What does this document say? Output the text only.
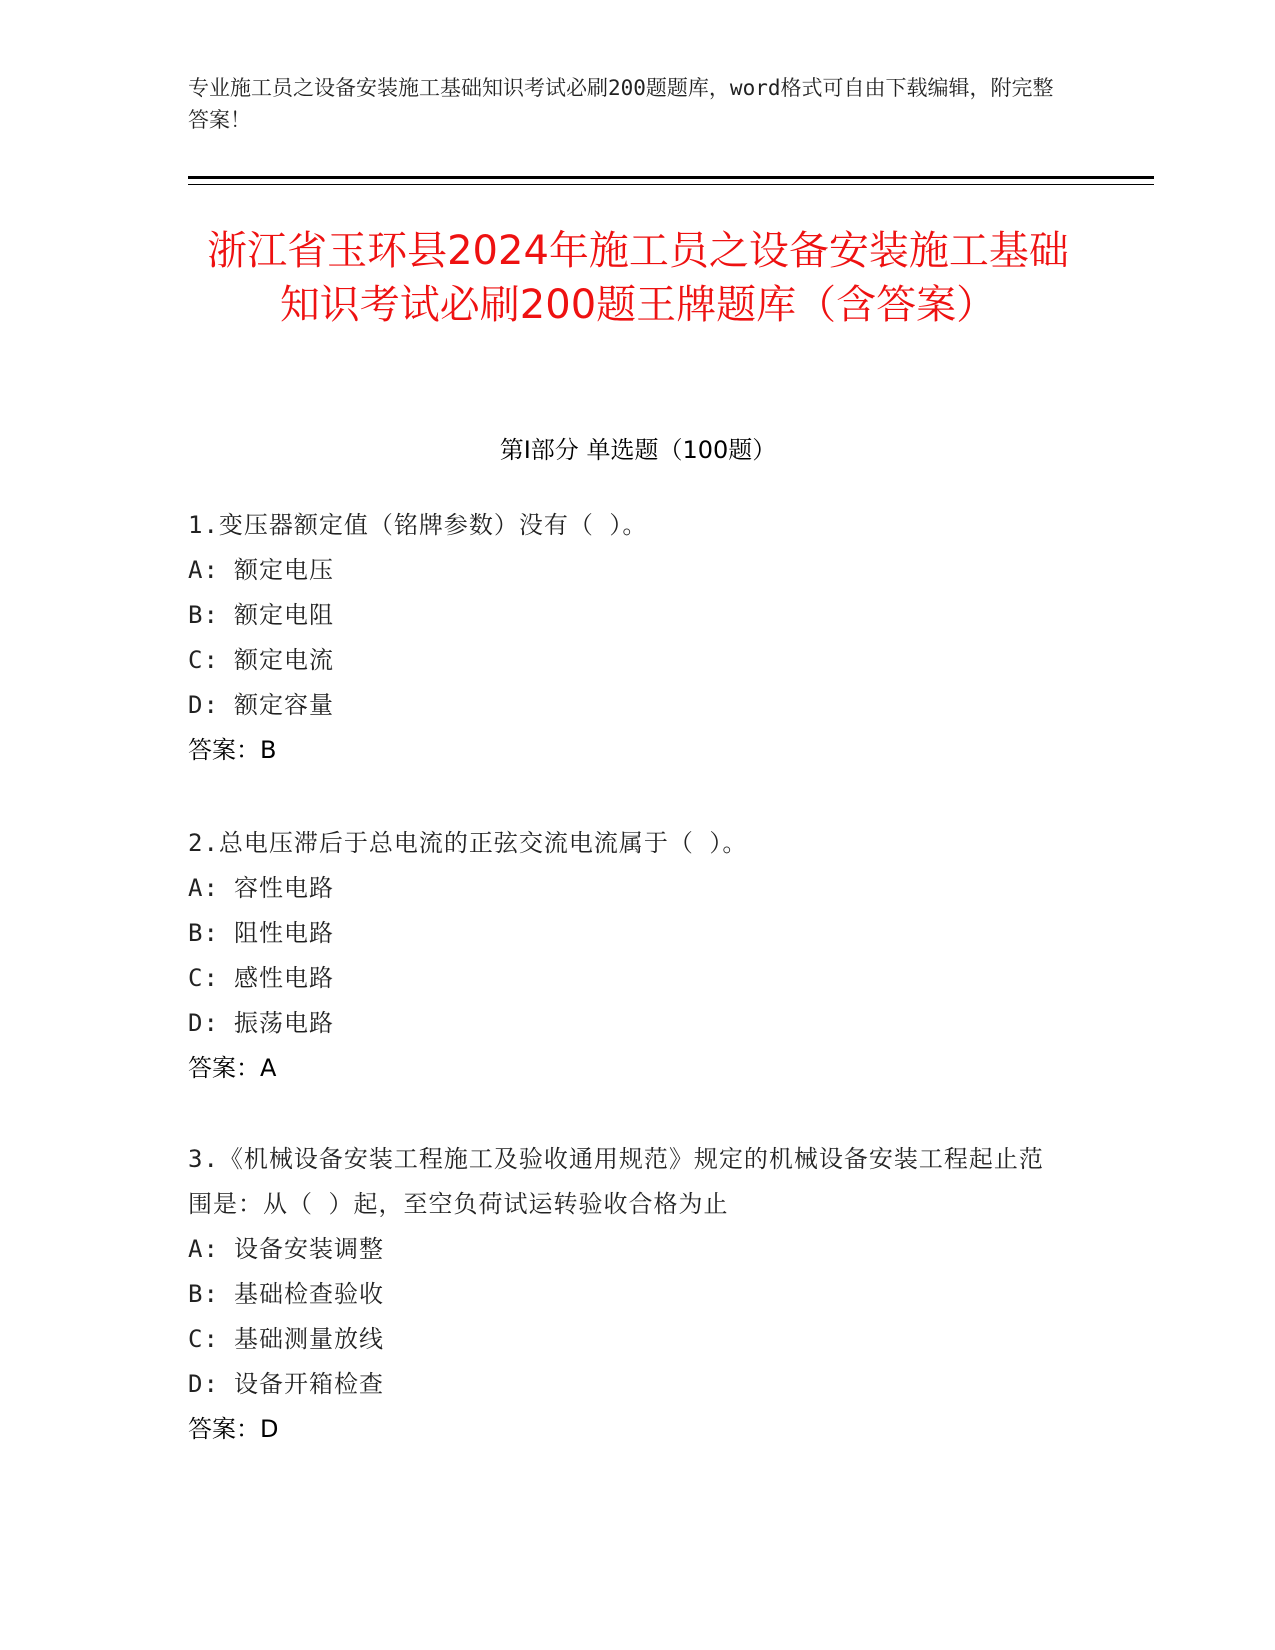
专业施工员之设备安装施工基础知识考试必刷200题题库，word格式可自由下载编辑，附完整答案！
浙江省玉环县2024年施工员之设备安装施工基础知识考试必刷200题王牌题库（含答案）
第Ⅰ部分 单选题（100题）
1.变压器额定值（铭牌参数）没有（ ）。
A: 额定电压
B: 额定电阻
C: 额定电流
D: 额定容量
答案：B
2.总电压滞后于总电流的正弦交流电流属于（ ）。
A: 容性电路
B: 阻性电路
C: 感性电路
D: 振荡电路
答案：A
3.《机械设备安装工程施工及验收通用规范》规定的机械设备安装工程起止范围是：从（ ）起，至空负荷试运转验收合格为止
A: 设备安装调整
B: 基础检查验收
C: 基础测量放线
D: 设备开箱检查
答案：D
